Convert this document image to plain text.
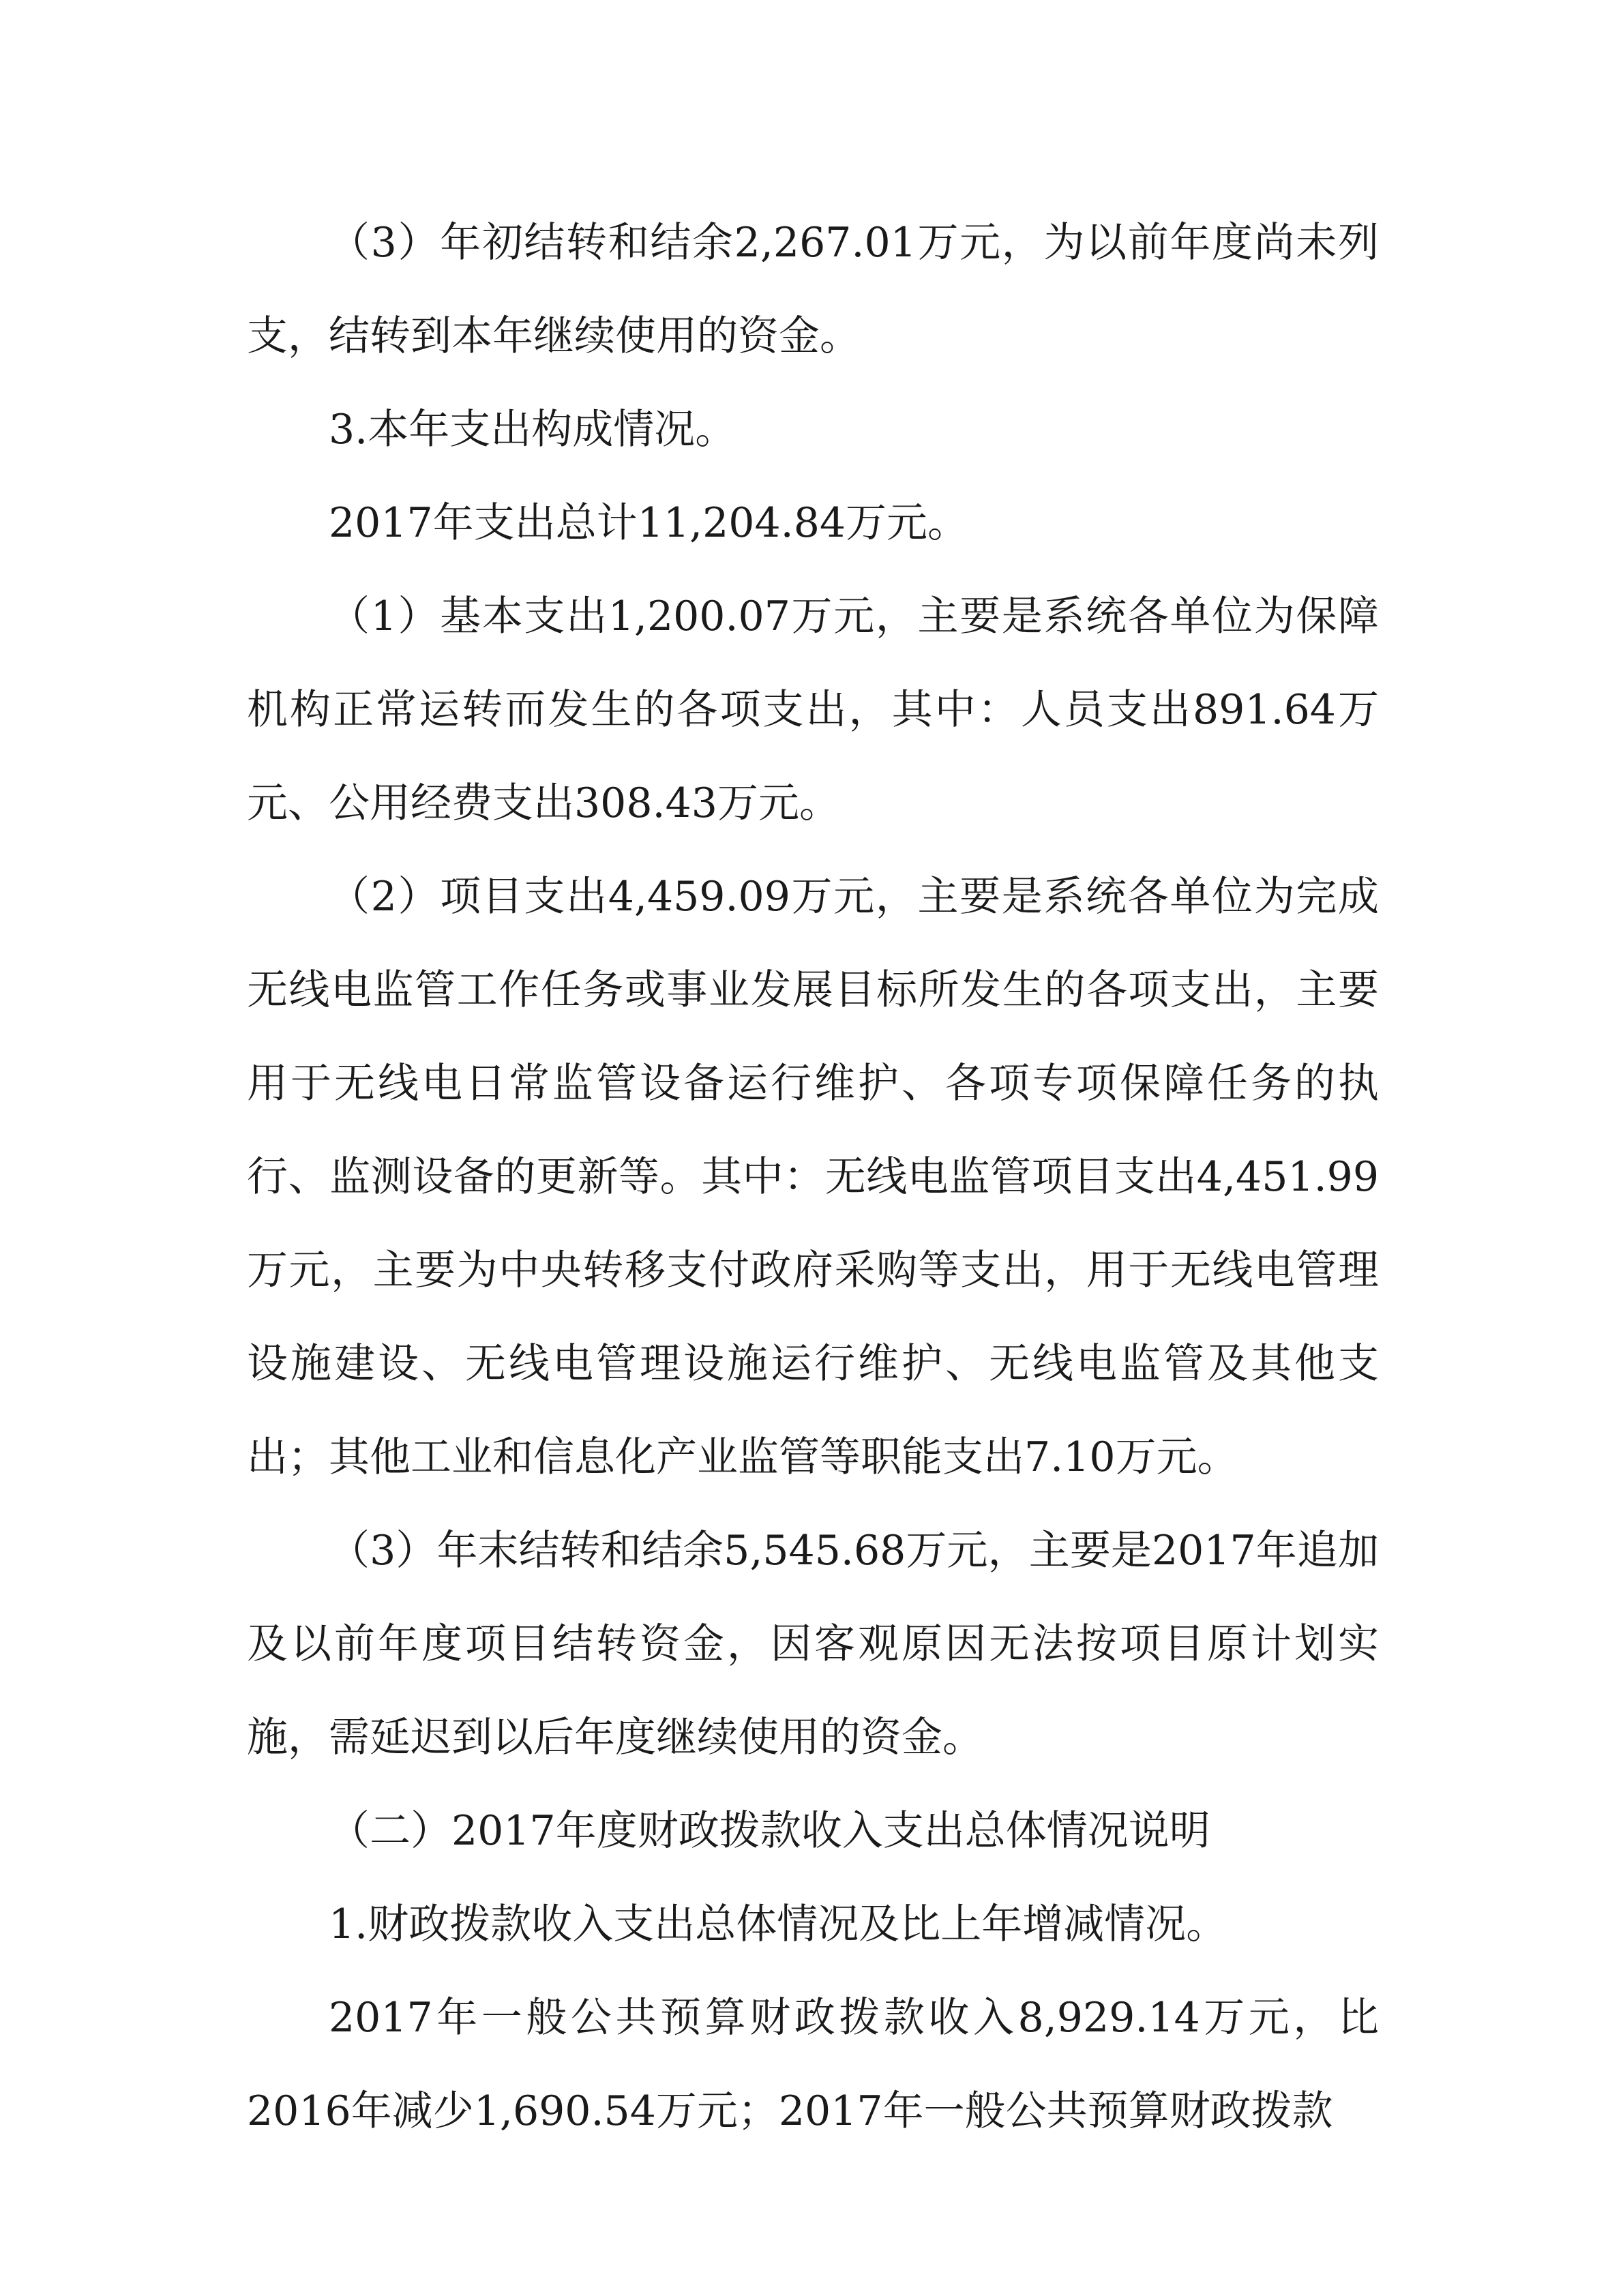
（3）年初结转和结余2,267.01万元，为以前年度尚未列支，结转到本年继续使用的资金。

3.本年支出构成情况。

2017年支出总计11,204.84万元。

（1）基本支出1,200.07万元，主要是系统各单位为保障机构正常运转而发生的各项支出，其中：人员支出891.64万元、公用经费支出308.43万元。

（2）项目支出4,459.09万元，主要是系统各单位为完成无线电监管工作任务或事业发展目标所发生的各项支出，主要用于无线电日常监管设备运行维护、各项专项保障任务的执行、监测设备的更新等。其中：无线电监管项目支出4,451.99万元，主要为中央转移支付政府采购等支出，用于无线电管理设施建设、无线电管理设施运行维护、无线电监管及其他支出；其他工业和信息化产业监管等职能支出7.10万元。

（3）年末结转和结余5,545.68万元，主要是2017年追加及以前年度项目结转资金，因客观原因无法按项目原计划实施，需延迟到以后年度继续使用的资金。

（二）2017年度财政拨款收入支出总体情况说明

1.财政拨款收入支出总体情况及比上年增减情况。

2017年一般公共预算财政拨款收入8,929.14万元，比2016年减少1,690.54万元；2017年一般公共预算财政拨款
